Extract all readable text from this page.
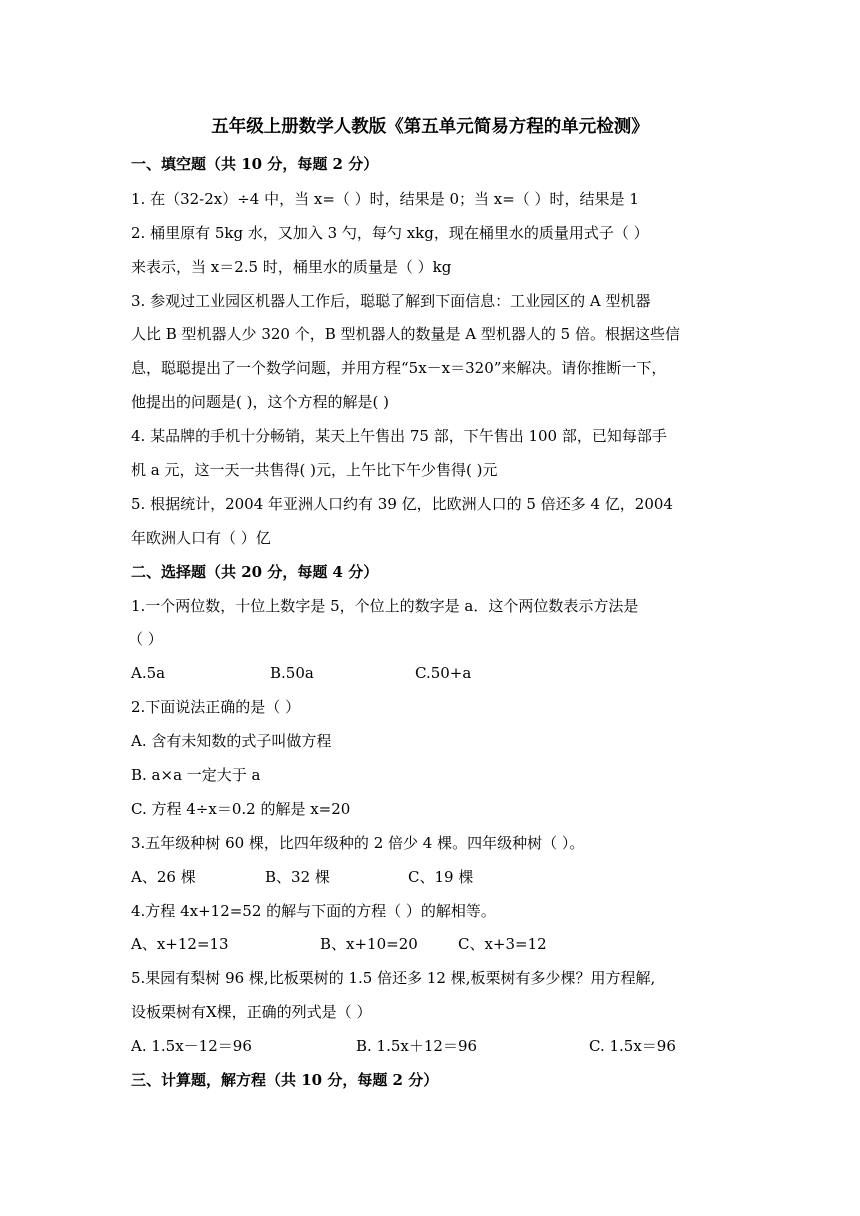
五年级上册数学人教版《第五单元简易方程的单元检测》
一、填空题（共 10 分，每题 2 分）
1. 在（32-2x）÷4 中，当 x=（ ）时，结果是 0；当 x=（ ）时，结果是 1
2. 桶里原有 5kg 水，又加入 3 勺，每勺 xkg，现在桶里水的质量用式子（ ）
来表示，当 x＝2.5 时，桶里水的质量是（ ）kg
3. 参观过工业园区机器人工作后，聪聪了解到下面信息：工业园区的 A 型机器
人比 B 型机器人少 320 个，B 型机器人的数量是 A 型机器人的 5 倍。根据这些信
息，聪聪提出了一个数学问题，并用方程“5x－x＝320”来解决。请你推断一下，
他提出的问题是( )，这个方程的解是( )
4. 某品牌的手机十分畅销，某天上午售出 75 部，下午售出 100 部，已知每部手
机 a 元，这一天一共售得( )元，上午比下午少售得( )元
5. 根据统计，2004 年亚洲人口约有 39 亿，比欧洲人口的 5 倍还多 4 亿，2004
年欧洲人口有（ ）亿
二、选择题（共 20 分，每题 4 分）
1.一个两位数，十位上数字是 5，个位上的数字是 a．这个两位数表示方法是
（ ）
A.5a	B.50a	C.50+a
2.下面说法正确的是（ ）
A. 含有未知数的式子叫做方程
B. a×a 一定大于 a
C. 方程 4÷x＝0.2 的解是 x=20
3.五年级种树 60 棵，比四年级种的 2 倍少 4 棵。四年级种树（ ）。
A、26 棵	B、32 棵	C、19 棵
4.方程 4x+12=52 的解与下面的方程（ ）的解相等。
A、x+12=13	B、x+10=20	C、x+3=12
5.果园有梨树 96 棵,比板栗树的 1.5 倍还多 12 棵,板栗树有多少棵？用方程解,
设板栗树有Ⅹ棵，正确的列式是（ ）
A. 1.5x－12＝96	B. 1.5x＋12＝96	C. 1.5x＝96
三、计算题，解方程（共 10 分，每题 2 分）
